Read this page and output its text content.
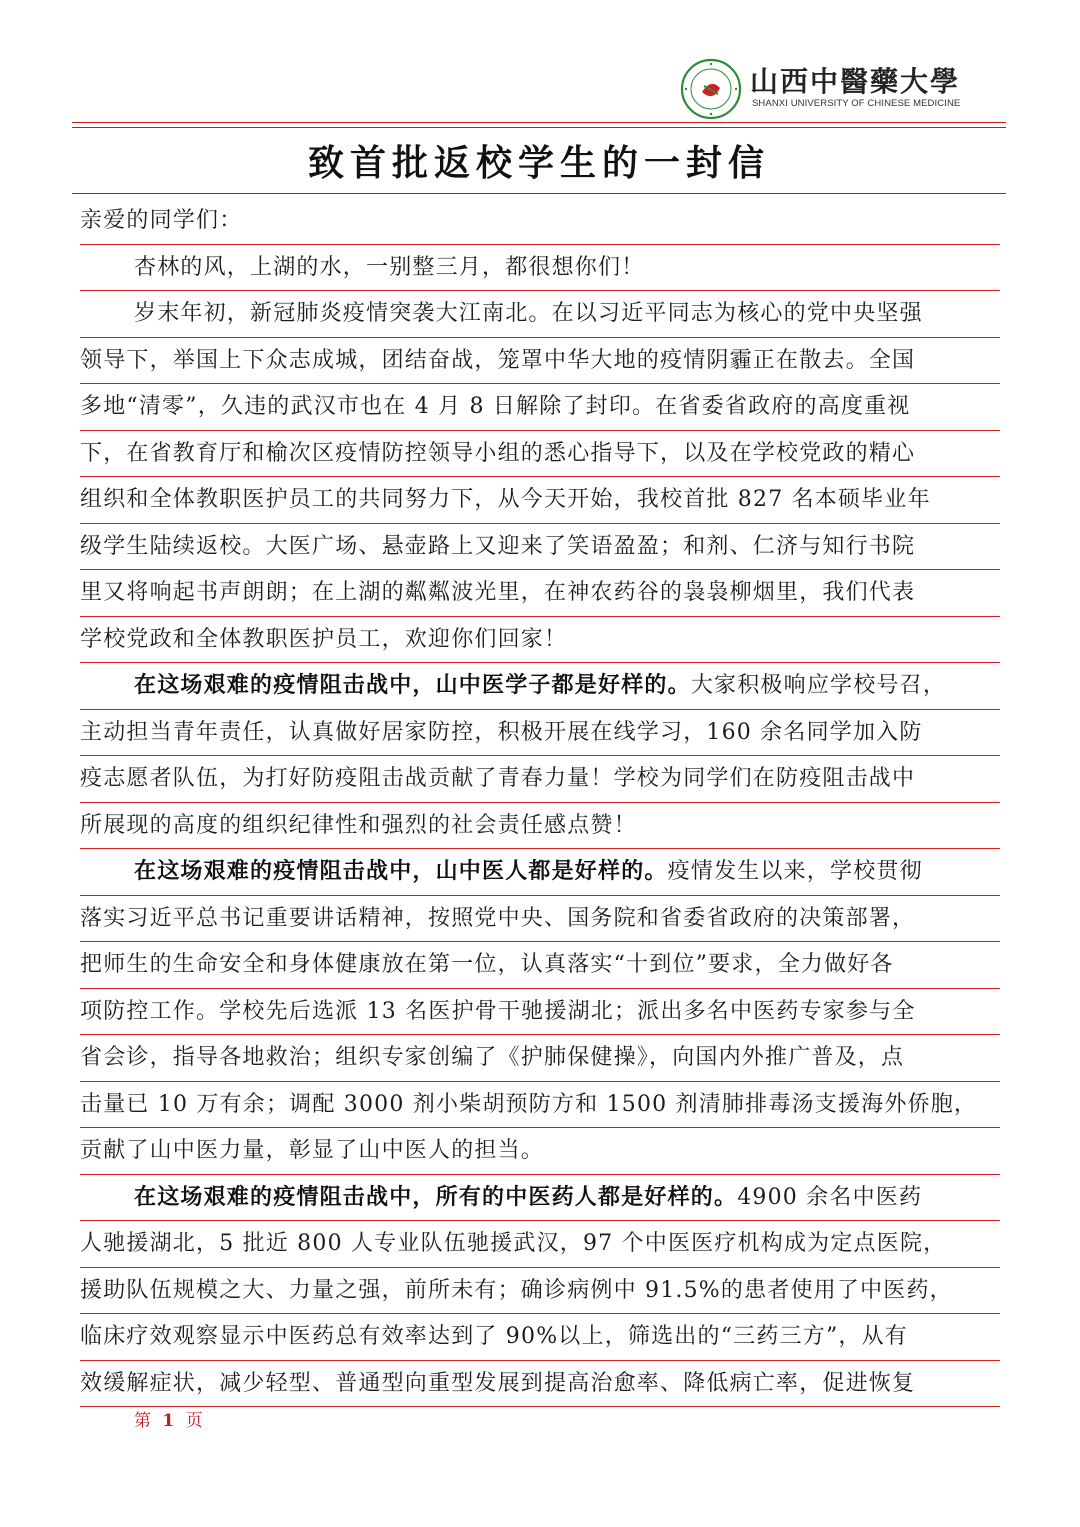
山西中醫藥大學
SHANXI UNIVERSITY OF CHINESE MEDICINE
致首批返校学生的一封信
亲爱的同学们：
杏林的风，上湖的水，一别整三月，都很想你们！
岁末年初，新冠肺炎疫情突袭大江南北。在以习近平同志为核心的党中央坚强
领导下，举国上下众志成城，团结奋战，笼罩中华大地的疫情阴霾正在散去。全国
多地“清零”，久违的武汉市也在 4 月 8 日解除了封印。在省委省政府的高度重视
下，在省教育厅和榆次区疫情防控领导小组的悉心指导下，以及在学校党政的精心
组织和全体教职医护员工的共同努力下，从今天开始，我校首批 827 名本硕毕业年
级学生陆续返校。大医广场、悬壶路上又迎来了笑语盈盈；和剂、仁济与知行书院
里又将响起书声朗朗；在上湖的粼粼波光里，在神农药谷的袅袅柳烟里，我们代表
学校党政和全体教职医护员工，欢迎你们回家！
在这场艰难的疫情阻击战中，山中医学子都是好样的。大家积极响应学校号召，
主动担当青年责任，认真做好居家防控，积极开展在线学习，160 余名同学加入防
疫志愿者队伍，为打好防疫阻击战贡献了青春力量！学校为同学们在防疫阻击战中
所展现的高度的组织纪律性和强烈的社会责任感点赞！
在这场艰难的疫情阻击战中，山中医人都是好样的。疫情发生以来，学校贯彻
落实习近平总书记重要讲话精神，按照党中央、国务院和省委省政府的决策部署，
把师生的生命安全和身体健康放在第一位，认真落实“十到位”要求，全力做好各
项防控工作。学校先后选派 13 名医护骨干驰援湖北；派出多名中医药专家参与全
省会诊，指导各地救治；组织专家创编了《护肺保健操》，向国内外推广普及，点
击量已 10 万有余；调配 3000 剂小柴胡预防方和 1500 剂清肺排毒汤支援海外侨胞，
贡献了山中医力量，彰显了山中医人的担当。
在这场艰难的疫情阻击战中，所有的中医药人都是好样的。4900 余名中医药
人驰援湖北，5 批近 800 人专业队伍驰援武汉，97 个中医医疗机构成为定点医院，
援助队伍规模之大、力量之强，前所未有；确诊病例中 91.5%的患者使用了中医药，
临床疗效观察显示中医药总有效率达到了 90%以上，筛选出的“三药三方”，从有
效缓解症状，减少轻型、普通型向重型发展到提高治愈率、降低病亡率，促进恢复
第 1 页
